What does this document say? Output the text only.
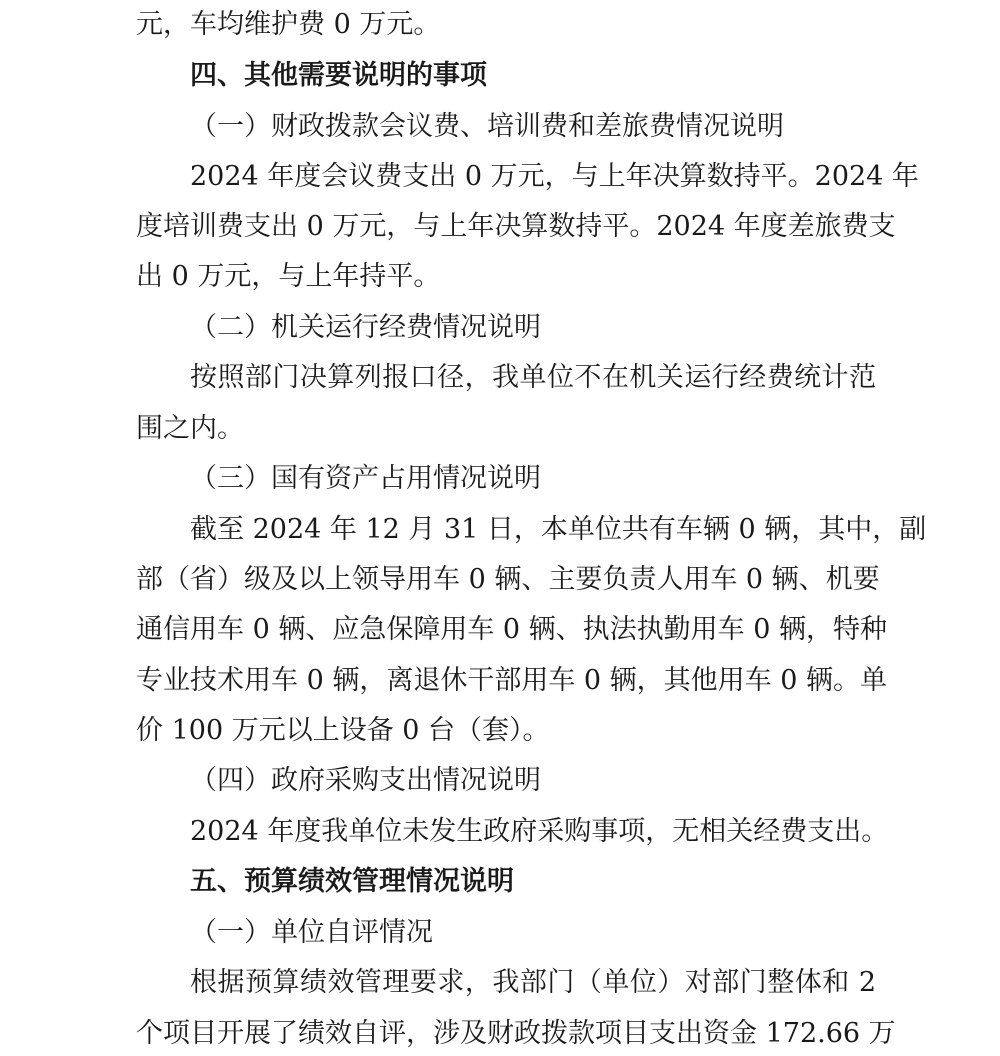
元，车均维护费 0 万元。
四、其他需要说明的事项
（一）财政拨款会议费、培训费和差旅费情况说明
2024 年度会议费支出 0 万元，与上年决算数持平。2024 年
度培训费支出 0 万元，与上年决算数持平。2024 年度差旅费支
出 0 万元，与上年持平。
（二）机关运行经费情况说明
按照部门决算列报口径，我单位不在机关运行经费统计范
围之内。
（三）国有资产占用情况说明
截至 2024 年 12 月 31 日，本单位共有车辆 0 辆，其中，副
部（省）级及以上领导用车 0 辆、主要负责人用车 0 辆、机要
通信用车 0 辆、应急保障用车 0 辆、执法执勤用车 0 辆，特种
专业技术用车 0 辆，离退休干部用车 0 辆，其他用车 0 辆。单
价 100 万元以上设备 0 台（套）。
（四）政府采购支出情况说明
2024 年度我单位未发生政府采购事项，无相关经费支出。
五、预算绩效管理情况说明
（一）单位自评情况
根据预算绩效管理要求，我部门（单位）对部门整体和 2
个项目开展了绩效自评，涉及财政拨款项目支出资金 172.66 万
